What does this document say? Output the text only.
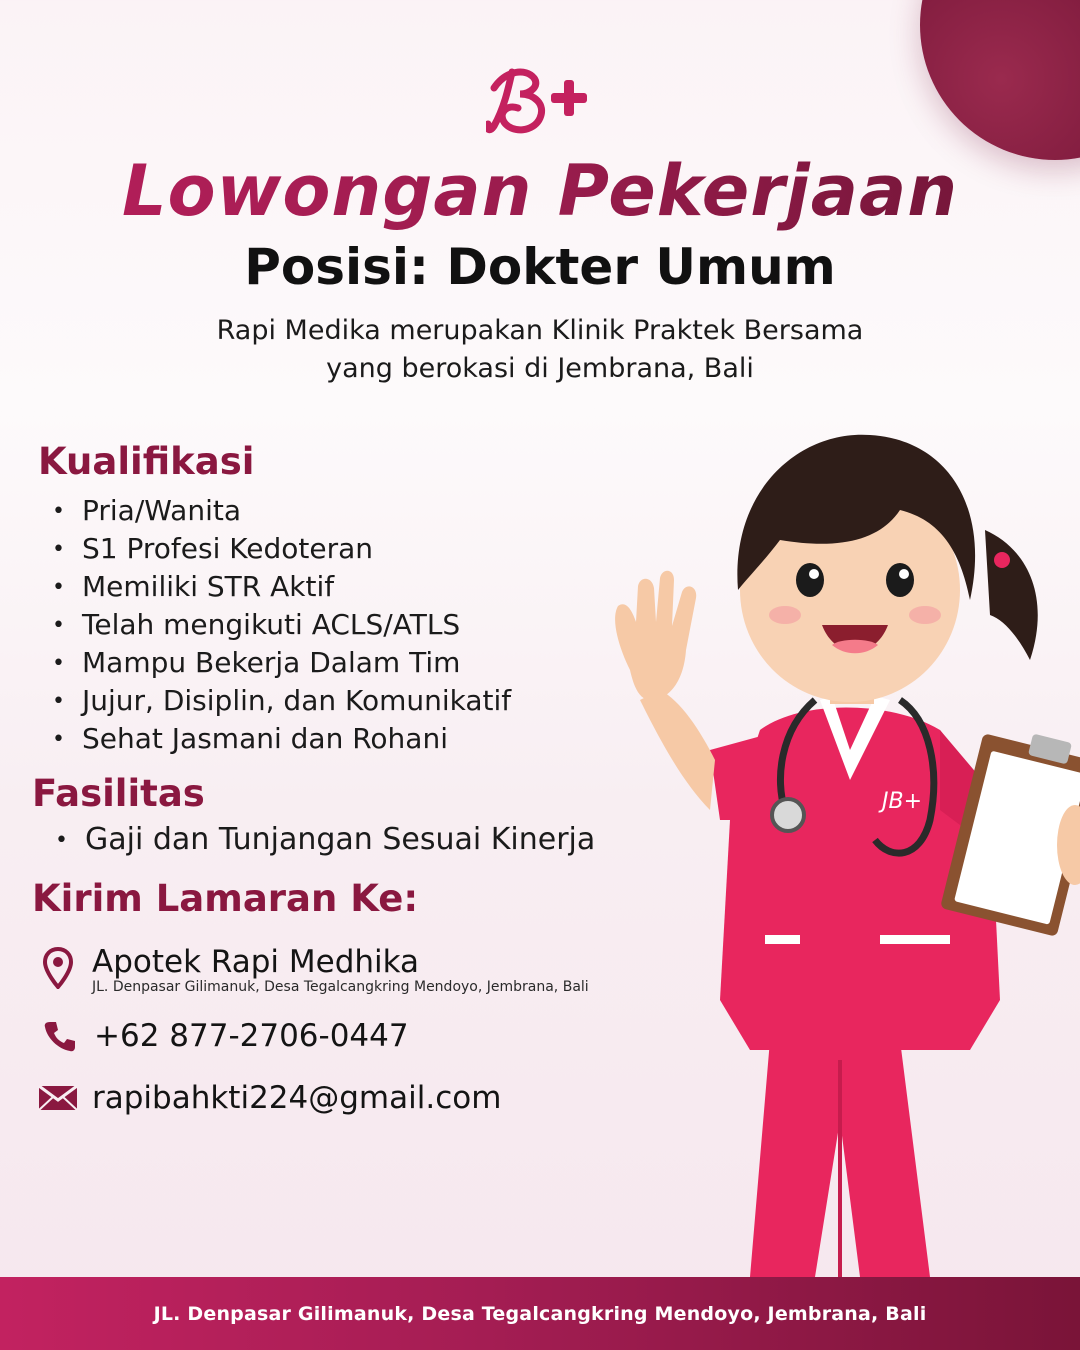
Lowongan Pekerjaan
Posisi: Dokter Umum
Rapi Medika merupakan Klinik Praktek Bersama
yang berokasi di Jembrana, Bali
Kualifikasi
• Pria/Wanita
• S1 Profesi Kedoteran
• Memiliki STR Aktif
• Telah mengikuti ACLS/ATLS
• Mampu Bekerja Dalam Tim
• Jujur, Disiplin, dan Komunikatif
• Sehat Jasmani dan Rohani
Fasilitas
• Gaji dan Tunjangan Sesuai Kinerja
Kirim Lamaran Ke:
Apotek Rapi Medhika
JL. Denpasar Gilimanuk, Desa Tegalcangkring Mendoyo, Jembrana, Bali
+62 877-2706-0447
rapibahkti224@gmail.com
JB+
JL. Denpasar Gilimanuk, Desa Tegalcangkring Mendoyo, Jembrana, Bali
